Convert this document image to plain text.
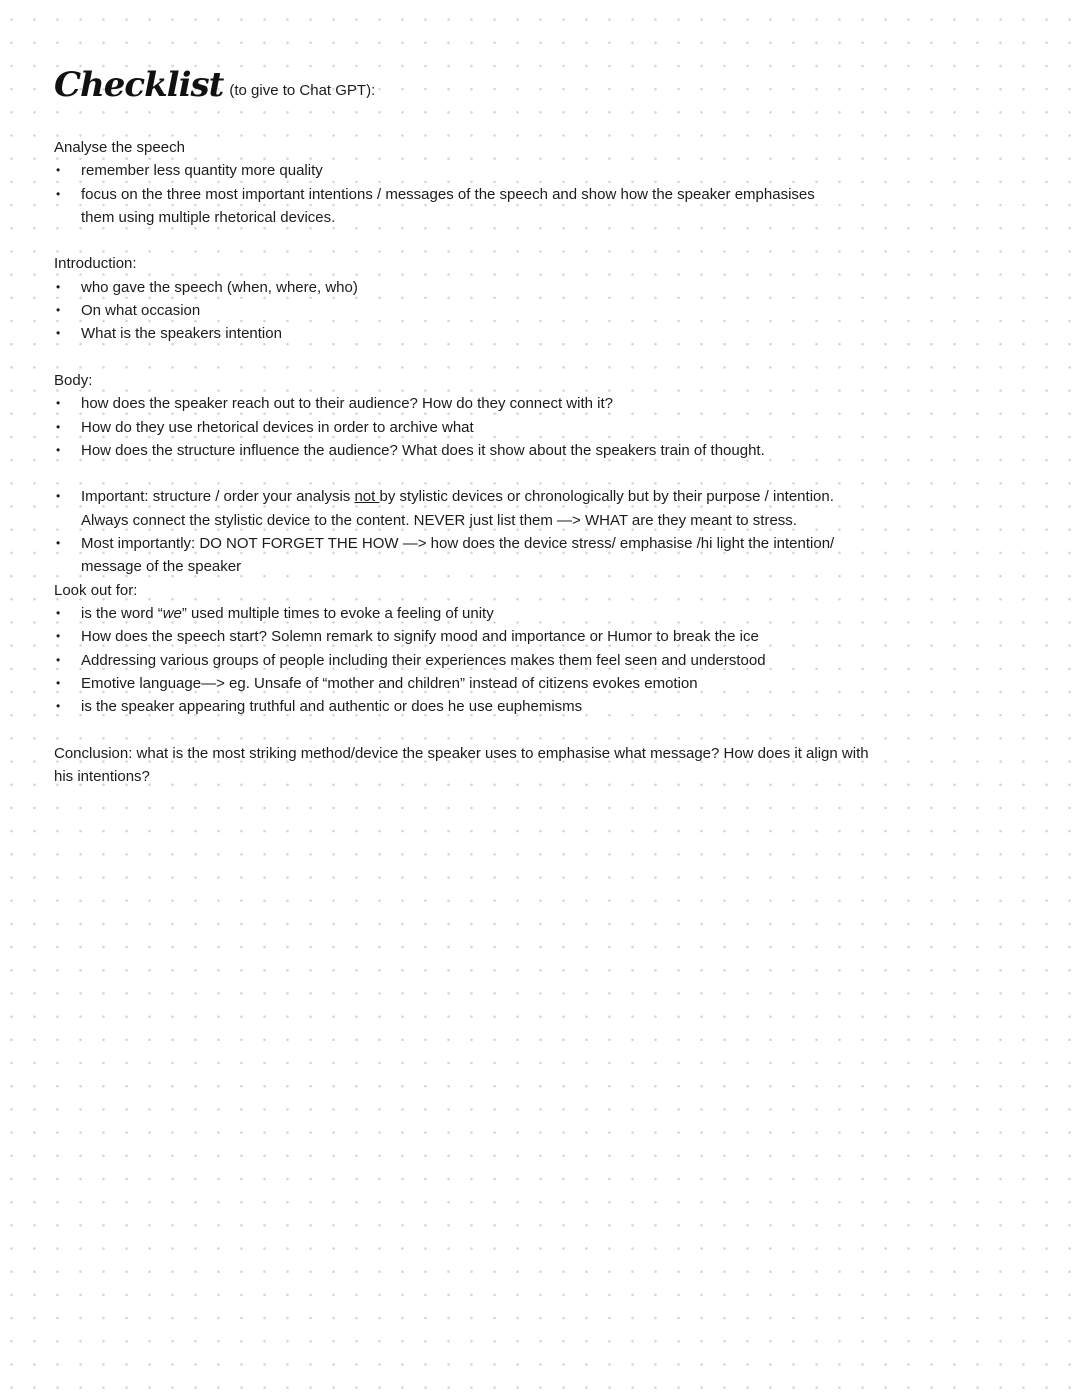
Checklist (to give to Chat GPT):
Analyse the speech
• remember less quantity more quality
• focus on the three most important intentions / messages of the speech and show how the speaker emphasises them using multiple rhetorical devices.
Introduction:
• who gave the speech (when, where, who)
• On what occasion
• What is the speakers intention
Body:
• how does the speaker reach out to their audience? How do they connect with it?
• How do they use rhetorical devices in order to archive what
• How does the structure influence the audience? What does it show about the speakers train of thought.
• Important: structure / order your analysis not by stylistic devices or chronologically but by their purpose / intention. Always connect the stylistic device to the content. NEVER just list them —> WHAT are they meant to stress.
• Most importantly: DO NOT FORGET THE HOW —> how does the device stress/ emphasise /hi light the intention/ message of the speaker
Look out for:
• is the word “we” used multiple times to evoke a feeling of unity
• How does the speech start? Solemn remark to signify mood and importance or Humor to break the ice
• Addressing various groups of people including their experiences makes them feel seen and understood
• Emotive language—> eg. Unsafe of “mother and children” instead of citizens evokes emotion
• is the speaker appearing truthful and authentic or does he use euphemisms
Conclusion: what is the most striking method/device the speaker uses to emphasise what message? How does it align with his intentions?
